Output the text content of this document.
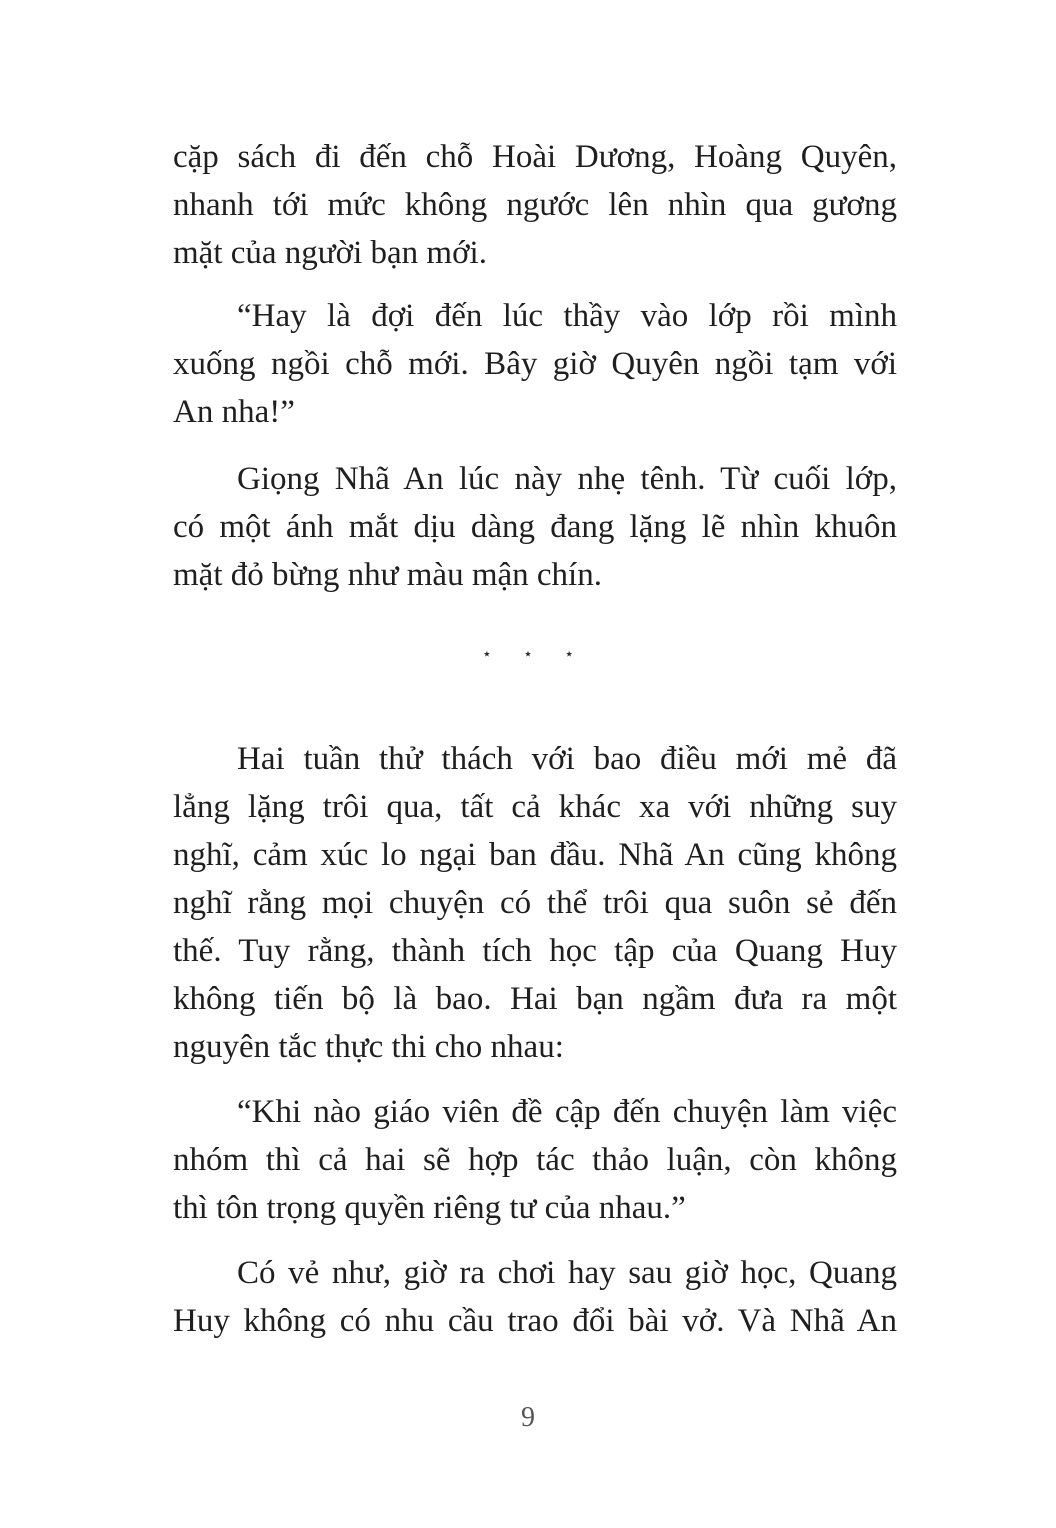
cặp sách đi đến chỗ Hoài Dương, Hoàng Quyên,
nhanh tới mức không ngước lên nhìn qua gương
mặt của người bạn mới.
“Hay là đợi đến lúc thầy vào lớp rồi mình
xuống ngồi chỗ mới. Bây giờ Quyên ngồi tạm với
An nha!”
Giọng Nhã An lúc này nhẹ tênh. Từ cuối lớp,
có một ánh mắt dịu dàng đang lặng lẽ nhìn khuôn
mặt đỏ bừng như màu mận chín.
Hai tuần thử thách với bao điều mới mẻ đã
lẳng lặng trôi qua, tất cả khác xa với những suy
nghĩ, cảm xúc lo ngại ban đầu. Nhã An cũng không
nghĩ rằng mọi chuyện có thể trôi qua suôn sẻ đến
thế. Tuy rằng, thành tích học tập của Quang Huy
không tiến bộ là bao. Hai bạn ngầm đưa ra một
nguyên tắc thực thi cho nhau:
“Khi nào giáo viên đề cập đến chuyện làm việc
nhóm thì cả hai sẽ hợp tác thảo luận, còn không
thì tôn trọng quyền riêng tư của nhau.”
Có vẻ như, giờ ra chơi hay sau giờ học, Quang
Huy không có nhu cầu trao đổi bài vở. Và Nhã An
⋆ ⋆ ⋆
9
